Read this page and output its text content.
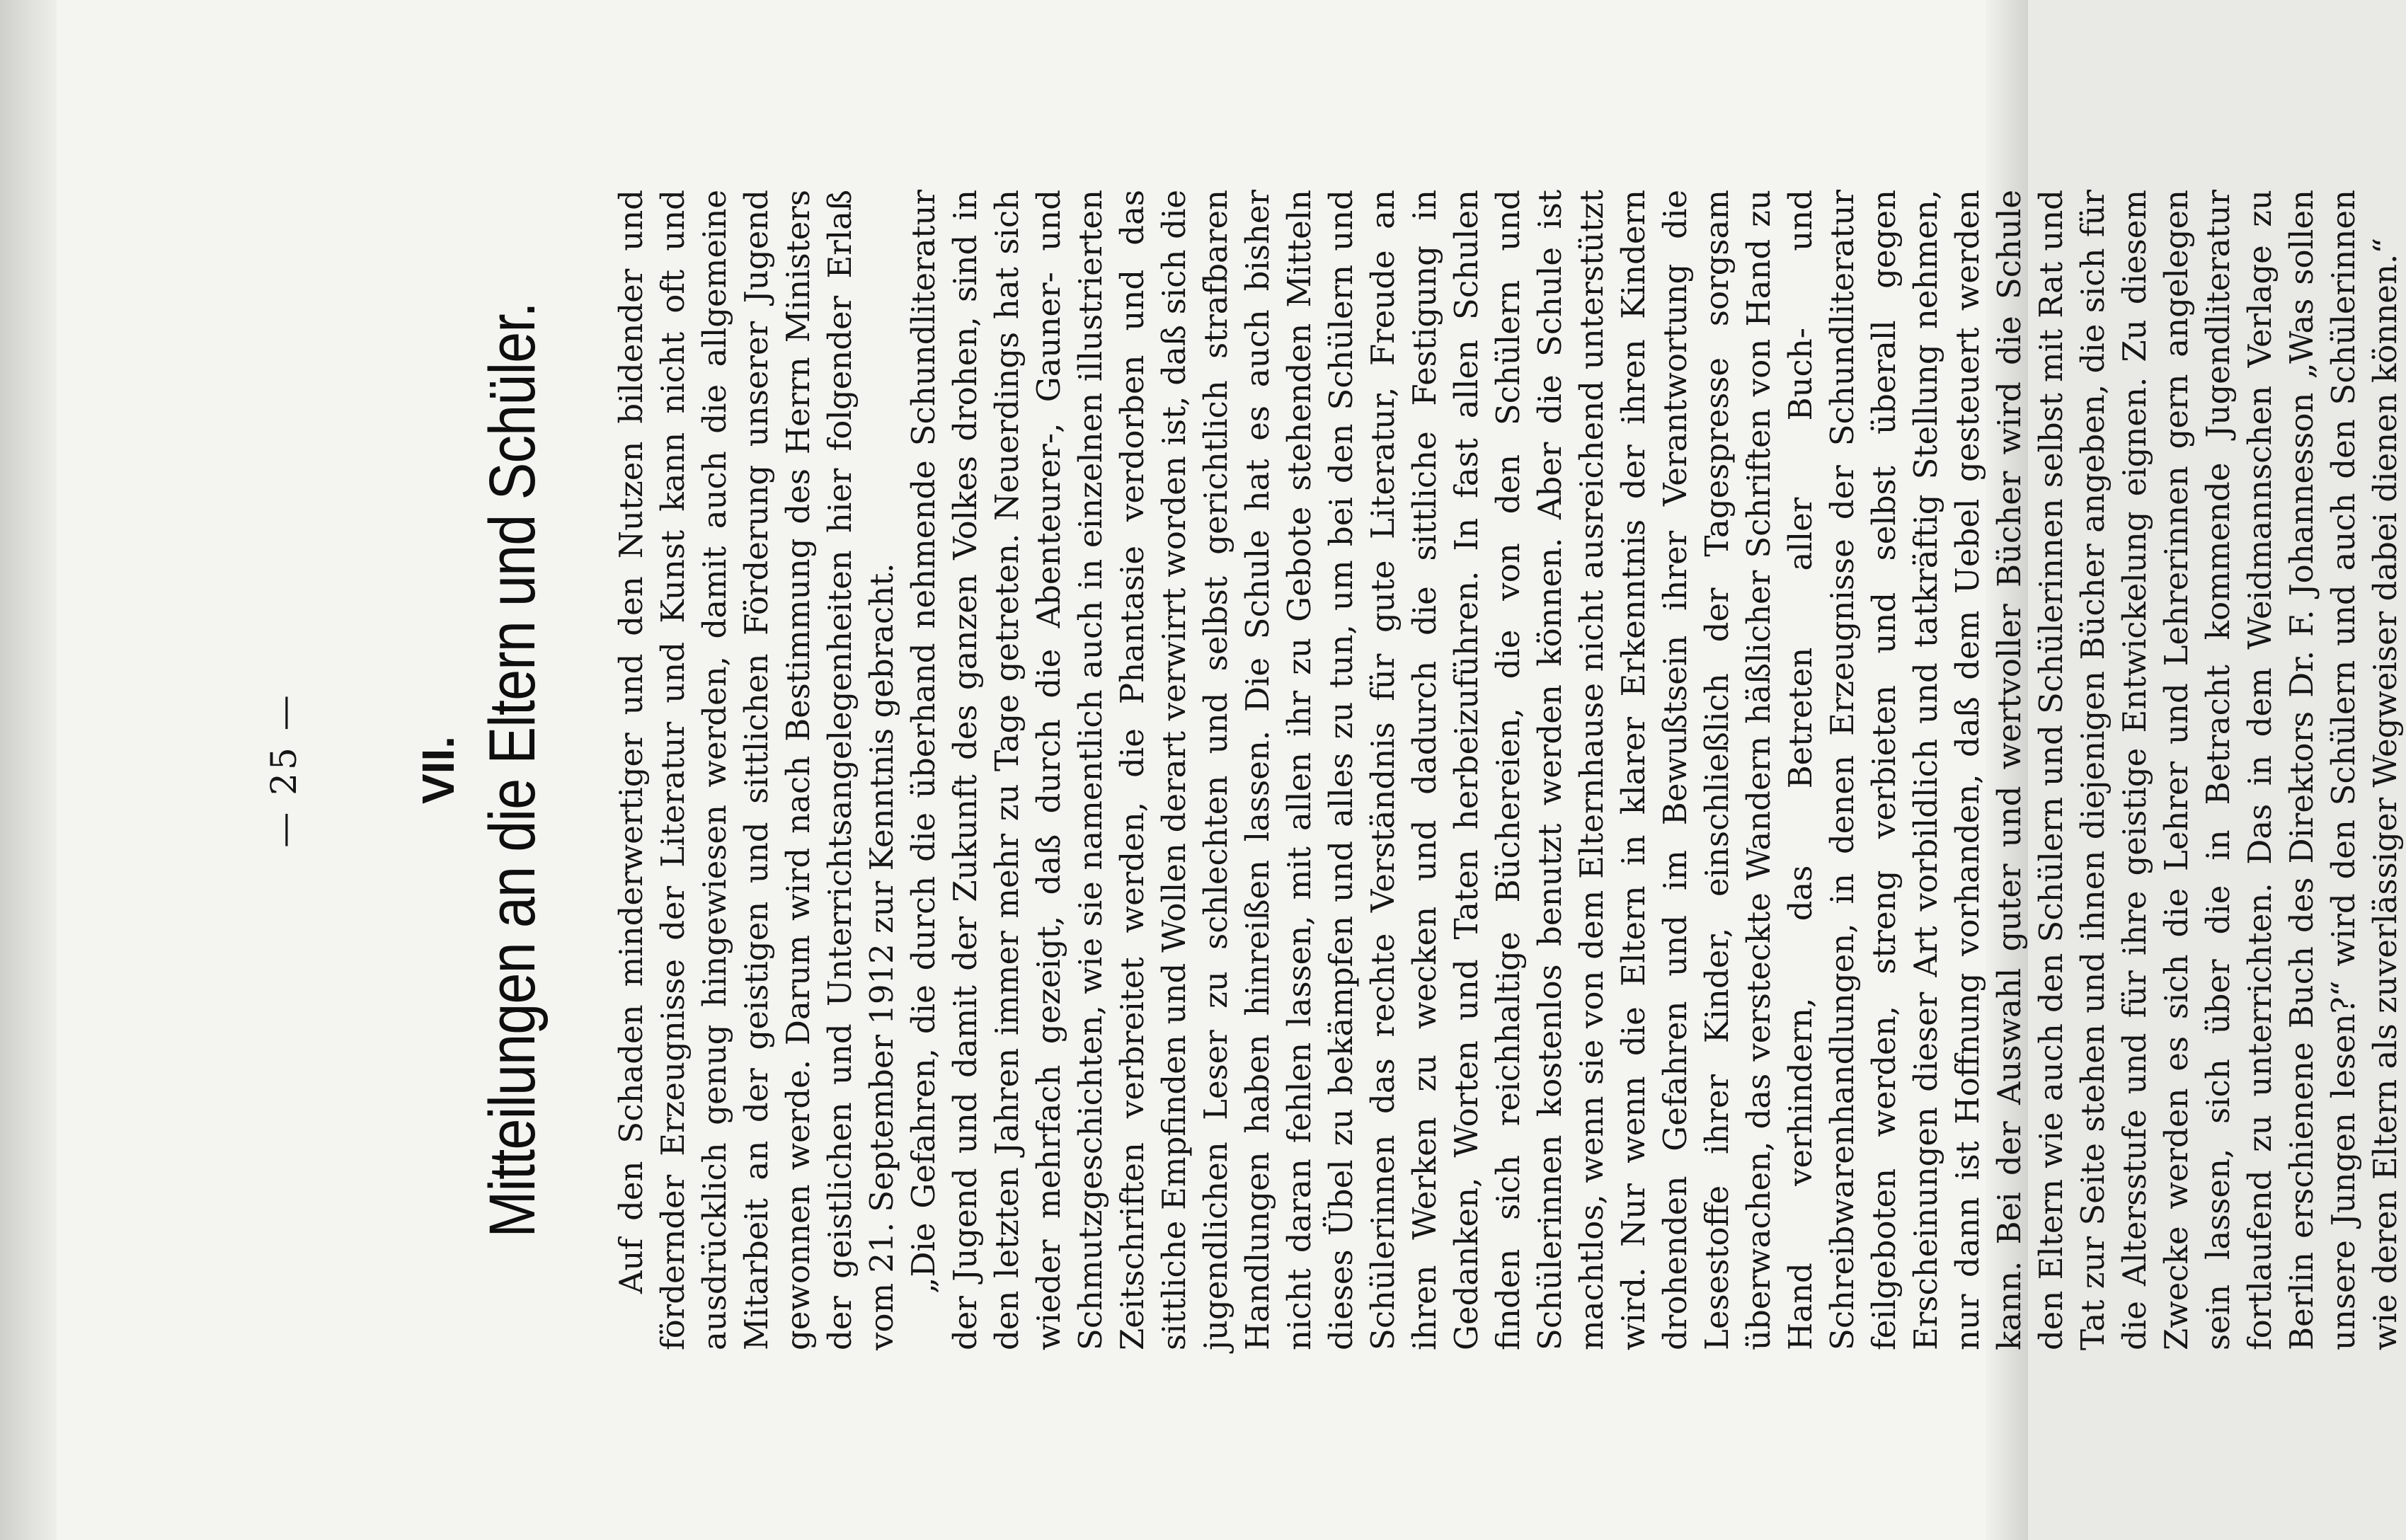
— 25 — VII. Mitteilungen an die Eltern und Schüler. Auf den Schaden minderwertiger und den Nutzen bildender und fördernder Erzeugnisse der Literatur und Kunst kann nicht oft und ausdrücklich genug hingewiesen werden, damit auch die allgemeine Mitarbeit an der geistigen und sittlichen Förderung unserer Jugend gewonnen werde. Darum wird nach Bestimmung des Herrn Ministers der geistlichen und Unterrichtsangelegenheiten hier folgender Erlaß vom 21. September 1912 zur Kenntnis gebracht. „Die Gefahren, die durch die überhand nehmende Schundliteratur der Jugend und damit der Zukunft des ganzen Volkes drohen, sind in den letzten Jahren immer mehr zu Tage getreten. Neuerdings hat sich wieder mehrfach gezeigt, daß durch die Abenteurer-, Gauner- und Schmutzgeschichten, wie sie namentlich auch in einzelnen illustrierten Zeitschriften verbreitet werden, die Phantasie verdorben und das sittliche Empfinden und Wollen derart verwirrt worden ist, daß sich die jugendlichen Leser zu schlechten und selbst gerichtlich strafbaren Handlungen haben hinreißen lassen. Die Schule hat es auch bisher nicht daran fehlen lassen, mit allen ihr zu Gebote stehenden Mitteln dieses Übel zu bekämpfen und alles zu tun, um bei den Schülern und Schülerinnen das rechte Verständnis für gute Literatur, Freude an ihren Werken zu wecken und dadurch die sittliche Festigung in Gedanken, Worten und Taten herbeizuführen. In fast allen Schulen finden sich reichhaltige Büchereien, die von den Schülern und Schülerinnen kostenlos benutzt werden können. Aber die Schule ist machtlos, wenn sie von dem Elternhause nicht ausreichend unterstützt wird. Nur wenn die Eltern in klarer Erkenntnis der ihren Kindern drohenden Gefahren und im Bewußtsein ihrer Verantwortung die Lesestoffe ihrer Kinder, einschließlich der Tagespresse sorgsam überwachen, das versteckte Wandern häßlicher Schriften von Hand zu Hand verhindern, das Betreten aller Buch- und Schreibwarenhandlungen, in denen Erzeugnisse der Schundliteratur feilgeboten werden, streng verbieten und selbst überall gegen Erscheinungen dieser Art vorbildlich und tatkräftig Stellung nehmen, nur dann ist Hoffnung vorhanden, daß dem Uebel gesteuert werden kann. Bei der Auswahl guter und wertvoller Bücher wird die Schule den Eltern wie auch den Schülern und Schülerinnen selbst mit Rat und Tat zur Seite stehen und ihnen diejenigen Bücher angeben, die sich für die Altersstufe und für ihre geistige Entwickelung eignen. Zu diesem Zwecke werden es sich die Lehrer und Lehrerinnen gern angelegen sein lassen, sich über die in Betracht kommende Jugendliteratur fortlaufend zu unterrichten. Das in dem Weidmannschen Verlage zu Berlin erschienene Buch des Direktors Dr. F. Johannesson „Was sollen unsere Jungen lesen?“ wird den Schülern und auch den Schülerinnen wie deren Eltern als zuverlässiger Wegweiser dabei dienen können.“
